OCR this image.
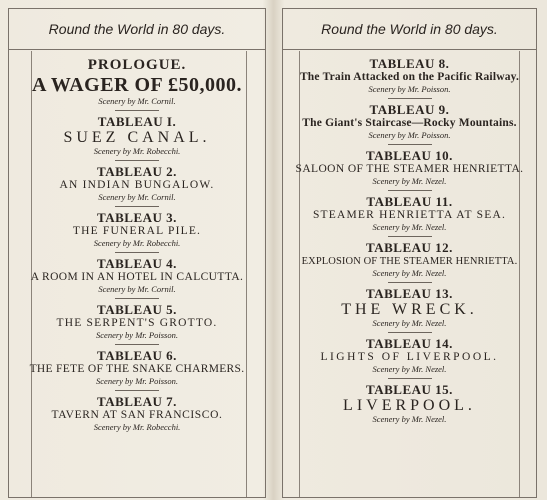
Round the World in 80 days.
PROLOGUE.
A WAGER OF £50,000.
Scenery by Mr. Cornil.
TABLEAU I.
SUEZ CANAL.
Scenery by Mr. Robecchi.
TABLEAU 2.
AN INDIAN BUNGALOW.
Scenery by Mr. Cornil.
TABLEAU 3.
THE FUNERAL PILE.
Scenery by Mr. Robecchi.
TABLEAU 4.
A ROOM IN AN HOTEL IN CALCUTTA.
Scenery by Mr. Cornil.
TABLEAU 5.
THE SERPENT'S GROTTO.
Scenery by Mr. Poisson.
TABLEAU 6.
THE FETE OF THE SNAKE CHARMERS.
Scenery by Mr. Poisson.
TABLEAU 7.
TAVERN AT SAN FRANCISCO.
Scenery by Mr. Robecchi.
Round the World in 80 days.
TABLEAU 8.
The Train Attacked on the Pacific Railway.
Scenery by Mr. Poisson.
TABLEAU 9.
The Giant's Staircase—Rocky Mountains.
Scenery by Mr. Poisson.
TABLEAU 10.
SALOON OF THE STEAMER HENRIETTA.
Scenery by Mr. Nezel.
TABLEAU 11.
STEAMER HENRIETTA AT SEA.
Scenery by Mr. Nezel.
TABLEAU 12.
EXPLOSION OF THE STEAMER HENRIETTA.
Scenery by Mr. Nezel.
TABLEAU 13.
THE WRECK.
Scenery by Mr. Nezel.
TABLEAU 14.
LIGHTS OF LIVERPOOL.
Scenery by Mr. Nezel.
TABLEAU 15.
LIVERPOOL.
Scenery by Mr. Nezel.
